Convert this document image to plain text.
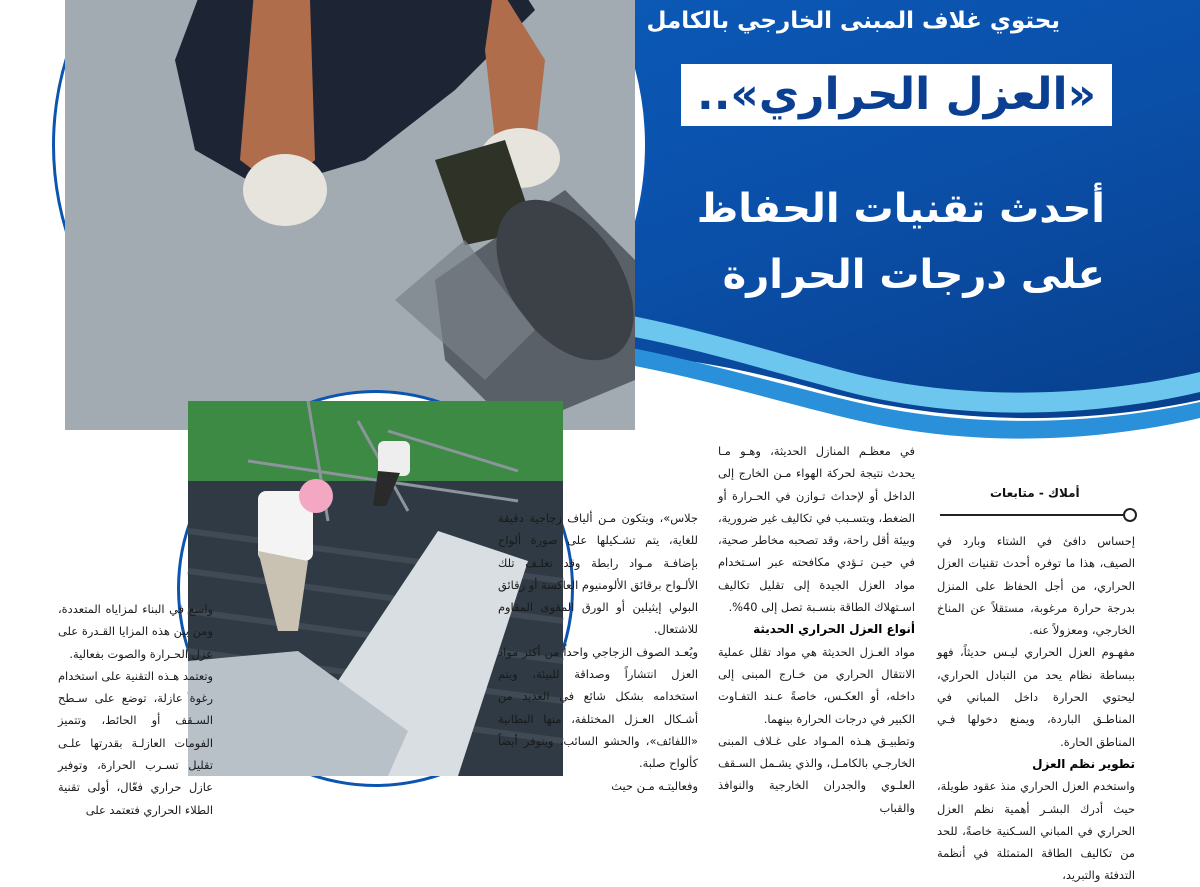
يحتوي غلاف المبنى الخارجي بالكامل
«العزل الحراري»..
أحدث تقنيات الحفاظ على درجات الحرارة
أملاك - متابعات

إحساس دافئ في الشتاء وبارد في الصيف، هذا ما توفره أحدث تقنيات العزل الحراري، من أجل الحفاظ على المنزل بدرجة حرارة مرغوبة، مستقلاً عن المناخ الخارجي، ومعزولاً عنه.

مفهـوم العزل الحراري ليـس حديثاً، فهو ببساطة نظام يحد من التبادل الحراري، ليحتوي الحرارة داخل المباني في المناطـق الباردة، ويمنع دخولها فـي المناطق الحارة.

تطوير نظم العزل

واستخدم العزل الحراري منذ عقود طويلة، حيث أدرك البشـر أهمية نظم العزل الحراري في المباني السـكنية خاصةً، للحد من تكاليف الطاقة المتمثلة في أنظمة التدفئة والتبريد،

في معظـم المنازل الحديثة، وهـو مـا يحدث نتيجة لحركة الهواء مـن الخارج إلى الداخل أو لإحداث تـوازن في الحـرارة أو الضغط، ويتسـبب في تكاليف غير ضرورية، وبيئة أقل راحة، وقد تصحبه مخاطر صحية، في حيـن تـؤدي مكافحته عبر اسـتخدام مواد العزل الجيدة إلى تقليل تكاليف اسـتهلاك الطاقة بنسـبة تصل إلى 40%.

أنواع العزل الحراري الحديثة

مواد العـزل الحديثة هي مواد تقلل عملية الانتقال الحراري من خـارج المبنى إلى داخله، أو العكـس، خاصةً عـند التفـاوت الكبير في درجات الحرارة بينهما.

وتطبيـق هـذه المـواد على غـلاف المبنى الخارجـي بالكامـل، والذي يشـمل السـقف العلـوي والجدران الخارجية والنوافذ والقباب

جلاس»، ويتكون مـن ألياف زجاجية دقيقة للغاية، يتم تشـكيلها على صورة ألواح بإضافـة مـواد رابطة وقد تغلـف تلك الألـواح برقائق الألومنيوم العاكسة أو رقائق البولي إيثيلين أو الورق المقوى المقاوم للاشتعال.

ويُعـد الصوف الزجاجي واحداً من أكثر مواد العزل انتشاراً وصداقة للبيئة، ويتم استخدامه بشكل شائع في العديد من أشـكال العـزل المختلفة، منها البطانية «اللفائف»، والحشو السائب، ويتوفر أيضاً كألواح صلبة.

وفعاليتـه مـن حيث

واسع في البناء لمزاياه المتعددة، ومن بين هذه المزايا القـدرة على عزل الحـرارة والصوت بفعالية.

وتعتمد هـذه التقنية على استخدام رغوة عازلة، توضع على سـطح السـقف أو الحائط، وتتميز الفومات العازلـة بقدرتها علـى تقليل تسـرب الحرارة، وتوفير عازل حراري فعّال، أولى تقنية الطلاء الحراري فتعتمد على
